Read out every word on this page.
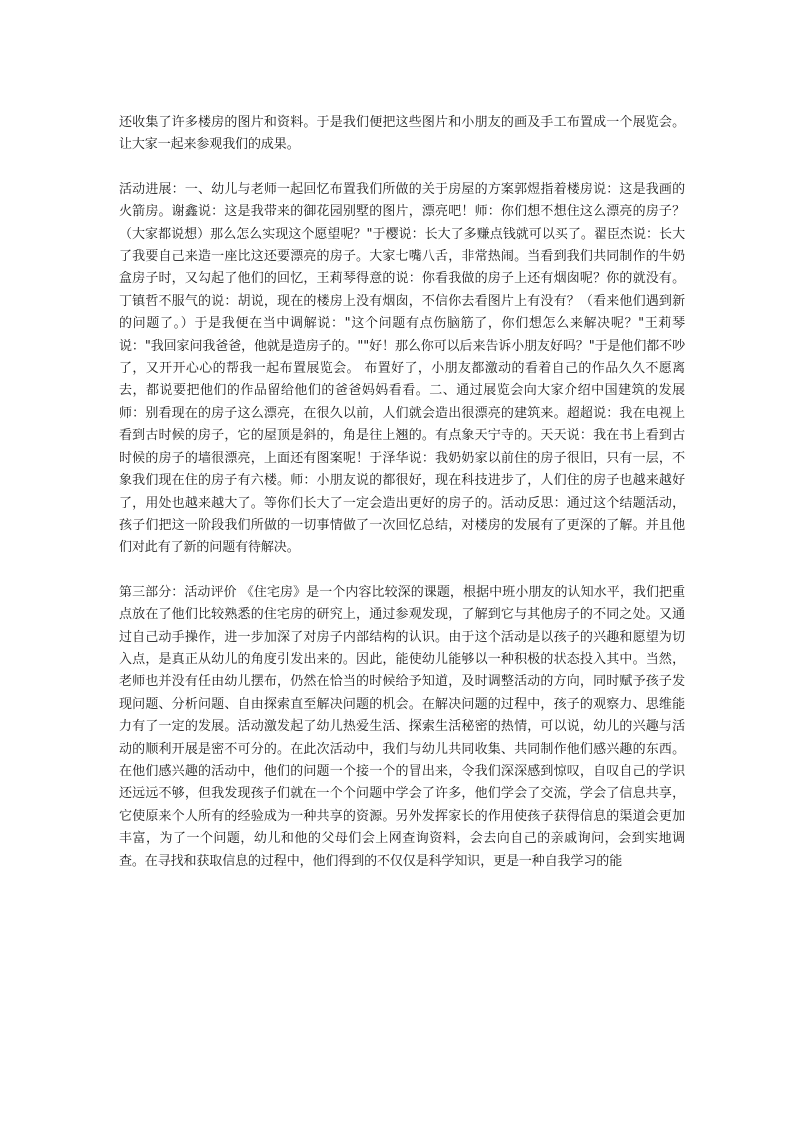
还收集了许多楼房的图片和资料。于是我们便把这些图片和小朋友的画及手工布置成一个展览会。让大家一起来参观我们的成果。

活动进展：一、幼儿与老师一起回忆布置我们所做的关于房屋的方案郭煜指着楼房说：这是我画的火箭房。谢鑫说：这是我带来的御花园别墅的图片，漂亮吧！师：你们想不想住这么漂亮的房子？（大家都说想）那么怎么实现这个愿望呢？"于樱说：长大了多赚点钱就可以买了。翟臣杰说：长大了我要自己来造一座比这还要漂亮的房子。大家七嘴八舌，非常热闹。当看到我们共同制作的牛奶盒房子时，又勾起了他们的回忆，王莉琴得意的说：你看我做的房子上还有烟囱呢？你的就没有。丁镇哲不服气的说：胡说，现在的楼房上没有烟囱，不信你去看图片上有没有？（看来他们遇到新的问题了。）于是我便在当中调解说："这个问题有点伤脑筋了，你们想怎么来解决呢？"王莉琴说："我回家问我爸爸，他就是造房子的。""好！那么你可以后来告诉小朋友好吗？"于是他们都不吵了，又开开心心的帮我一起布置展览会。 布置好了，小朋友都激动的看着自己的作品久久不愿离去，都说要把他们的作品留给他们的爸爸妈妈看看。二、通过展览会向大家介绍中国建筑的发展师：别看现在的房子这么漂亮，在很久以前，人们就会造出很漂亮的建筑来。超超说：我在电视上看到古时候的房子，它的屋顶是斜的，角是往上翘的。有点象天宁寺的。天天说：我在书上看到古时候的房子的墙很漂亮，上面还有图案呢！于泽华说：我奶奶家以前住的房子很旧，只有一层，不象我们现在住的房子有六楼。师：小朋友说的都很好，现在科技进步了，人们住的房子也越来越好了，用处也越来越大了。等你们长大了一定会造出更好的房子的。活动反思：通过这个结题活动，孩子们把这一阶段我们所做的一切事情做了一次回忆总结，对楼房的发展有了更深的了解。并且他们对此有了新的问题有待解决。

第三部分：活动评价 《住宅房》是一个内容比较深的课题，根据中班小朋友的认知水平，我们把重点放在了他们比较熟悉的住宅房的研究上，通过参观发现，了解到它与其他房子的不同之处。又通过自己动手操作，进一步加深了对房子内部结构的认识。由于这个活动是以孩子的兴趣和愿望为切入点，是真正从幼儿的角度引发出来的。因此，能使幼儿能够以一种积极的状态投入其中。当然，老师也并没有任由幼儿摆布，仍然在恰当的时候给予知道，及时调整活动的方向，同时赋予孩子发现问题、分析问题、自由探索直至解决问题的机会。在解决问题的过程中，孩子的观察力、思维能力有了一定的发展。活动激发起了幼儿热爱生活、探索生活秘密的热情，可以说，幼儿的兴趣与活动的顺利开展是密不可分的。在此次活动中，我们与幼儿共同收集、共同制作他们感兴趣的东西。在他们感兴趣的活动中，他们的问题一个接一个的冒出来，令我们深深感到惊叹，自叹自己的学识还远远不够，但我发现孩子们就在一个个问题中学会了许多，他们学会了交流，学会了信息共享，它使原来个人所有的经验成为一种共享的资源。另外发挥家长的作用使孩子获得信息的渠道会更加丰富，为了一个问题，幼儿和他的父母们会上网查询资料，会去向自己的亲戚询问，会到实地调查。在寻找和获取信息的过程中，他们得到的不仅仅是科学知识，更是一种自我学习的能
